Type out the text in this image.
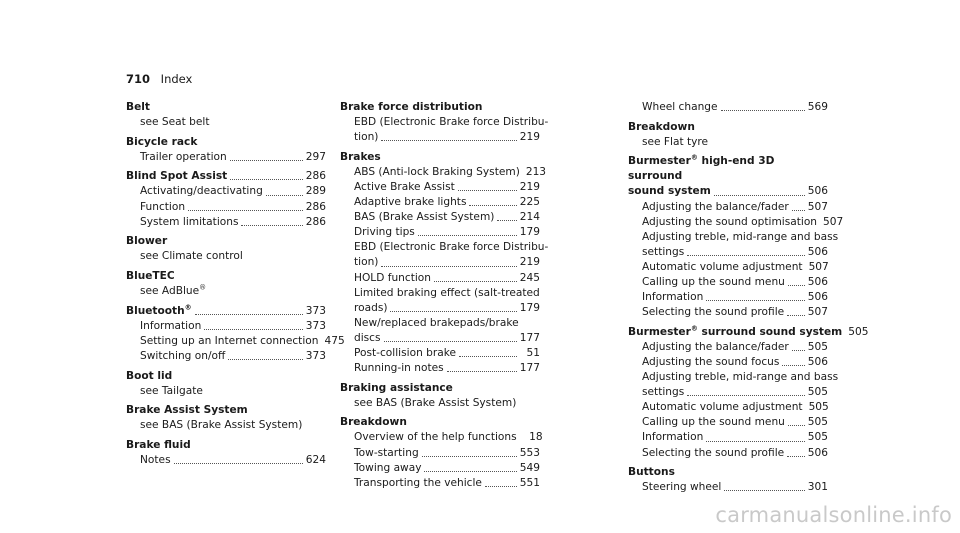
710 Index
Belt
see Seat belt
Bicycle rack
Trailer operation	297
Blind Spot Assist	286
Activating/deactivating	289
Function	286
System limitations	286
Blower
see Climate control
BlueTEC
see AdBlue®
Bluetooth®	373
Information	373
Setting up an Internet connection 475
Switching on/off	373
Boot lid
see Tailgate
Brake Assist System
see BAS (Brake Assist System)
Brake fluid
Notes	624
Brake force distribution
EBD (Electronic Brake force Distribu-
tion)	219
Brakes
ABS (Anti-lock Braking System) 213
Active Brake Assist	219
Adaptive brake lights	225
BAS (Brake Assist System) 214
Driving tips	179
EBD (Electronic Brake force Distribu-
tion)	219
HOLD function	245
Limited braking effect (salt-treated
roads)	179
New/replaced brakepads/brake
discs	177
Post-collision brake	51
Running-in notes	177
Braking assistance
see BAS (Brake Assist System)
Breakdown
Overview of the help functions	18
Tow-starting	553
Towing away	549
Transporting the vehicle	551
Wheel change	569
Breakdown
see Flat tyre
Burmester® high-end 3D surround
sound system	506
Adjusting the balance/fader 507
Adjusting the sound optimisation 507
Adjusting treble, mid-range and bass
settings	506
Automatic volume adjustment 507
Calling up the sound menu 506
Information	506
Selecting the sound profile 507
Burmester® surround sound system 505
Adjusting the balance/fader 505
Adjusting the sound focus	506
Adjusting treble, mid-range and bass
settings	505
Automatic volume adjustment 505
Calling up the sound menu 505
Information	505
Selecting the sound profile 506
Buttons
Steering wheel	301
carmanualsonline.info
